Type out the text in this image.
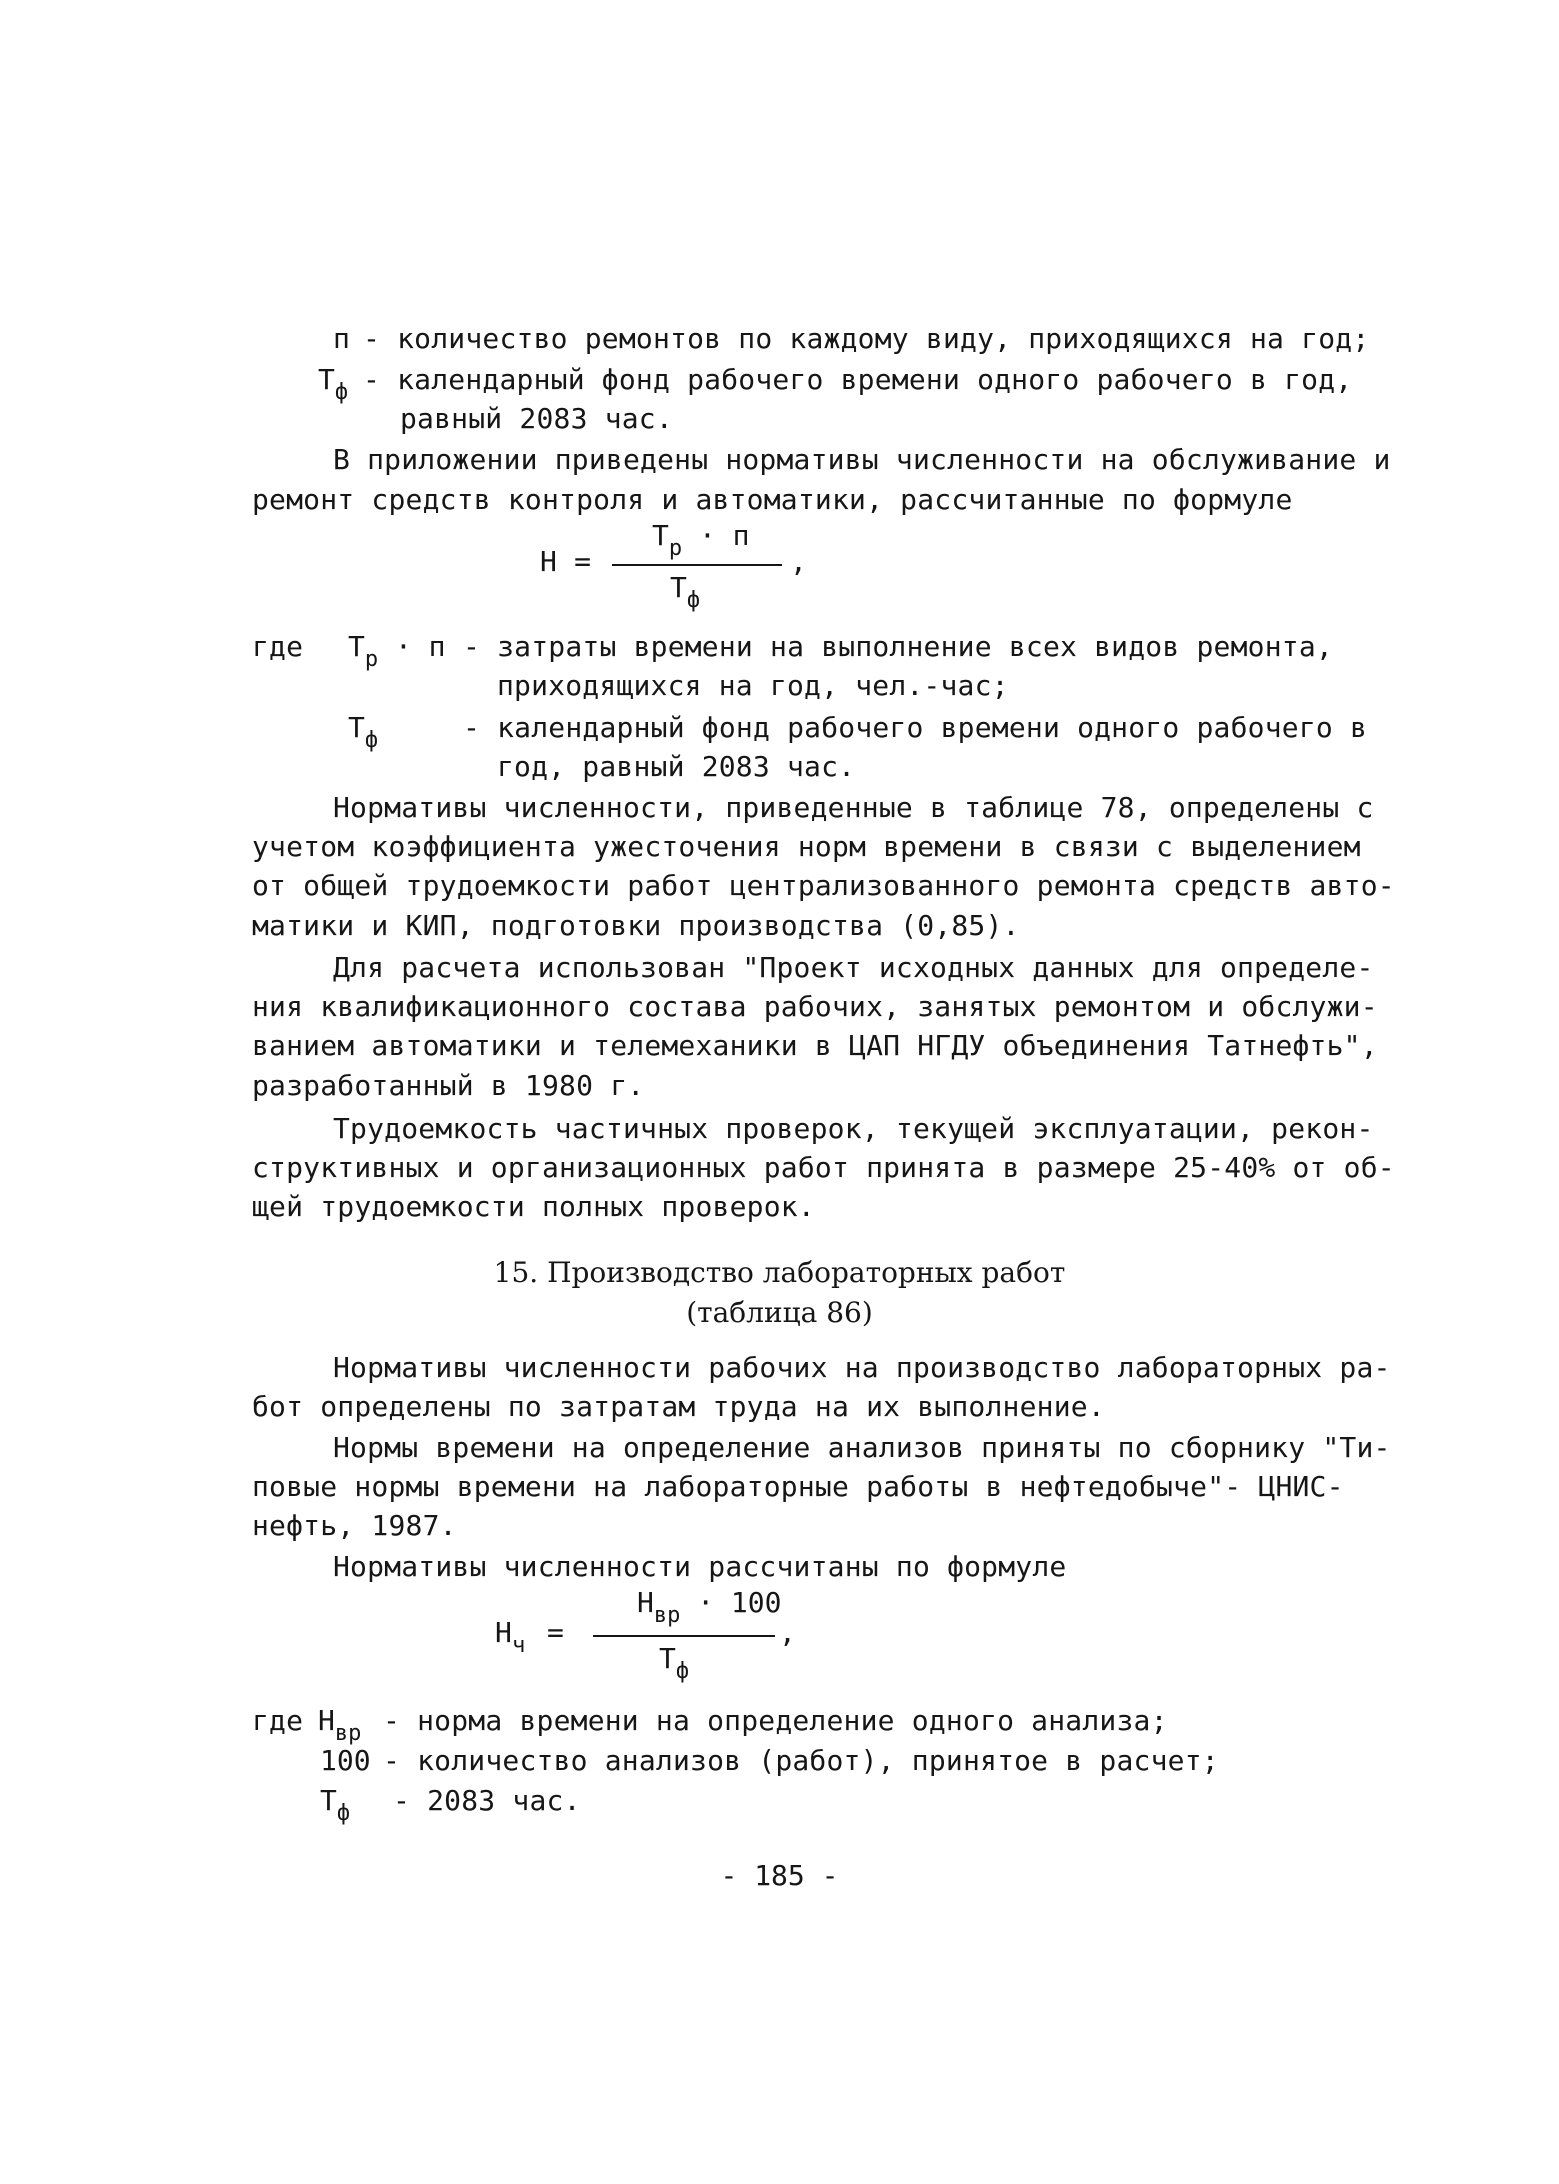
п - количество ремонтов по каждому виду, приходящихся на год;
$Т_ф$ - календарный фонд рабочего времени одного рабочего в год,
равный 2083 час.
В приложении приведены нормативы численности на обслуживание и
ремонт средств контроля и автоматики, рассчитанные по формуле
Н =
$Т_р \cdot п$
$Т_ф$
,
где $Т_р \cdot п$ - затраты времени на выполнение всех видов ремонта,
приходящихся на год, чел.-час;
$Т_ф$	- календарный фонд рабочего времени одного рабочего в
год, равный 2083 час.
Нормативы численности, приведенные в таблице 78, определены с
учетом коэффициента ужесточения норм времени в связи с выделением
от общей трудоемкости работ централизованного ремонта средств авто-
матики и КИП, подготовки производства (0,85).
Для расчета использован "Проект исходных данных для определе-
ния квалификационного состава рабочих, занятых ремонтом и обслужи-
ванием автоматики и телемеханики в ЦАП НГДУ объединения Татнефть",
разработанный в 1980 г.
Трудоемкость частичных проверок, текущей эксплуатации, рекон-
структивных и организационных работ принята в размере 25-40% от об-
щей трудоемкости полных проверок.
15. Производство лабораторных работ
(таблица 86)
Нормативы численности рабочих на производство лабораторных ра-
бот определены по затратам труда на их выполнение.
Нормы времени на определение анализов приняты по сборнику "Ти-
повые нормы времени на лабораторные работы в нефтедобыче"- ЦНИС-
нефть, 1987.
Нормативы численности рассчитаны по формуле
$Н_ч$ =
$Н_{вр} \cdot 100$
$Т_ф$
,
где $Н_{вр}$ - норма времени на определение одного анализа;
100 - количество анализов (работ), принятое в расчет;
$Т_ф - 2083$ час.
- 185 -
